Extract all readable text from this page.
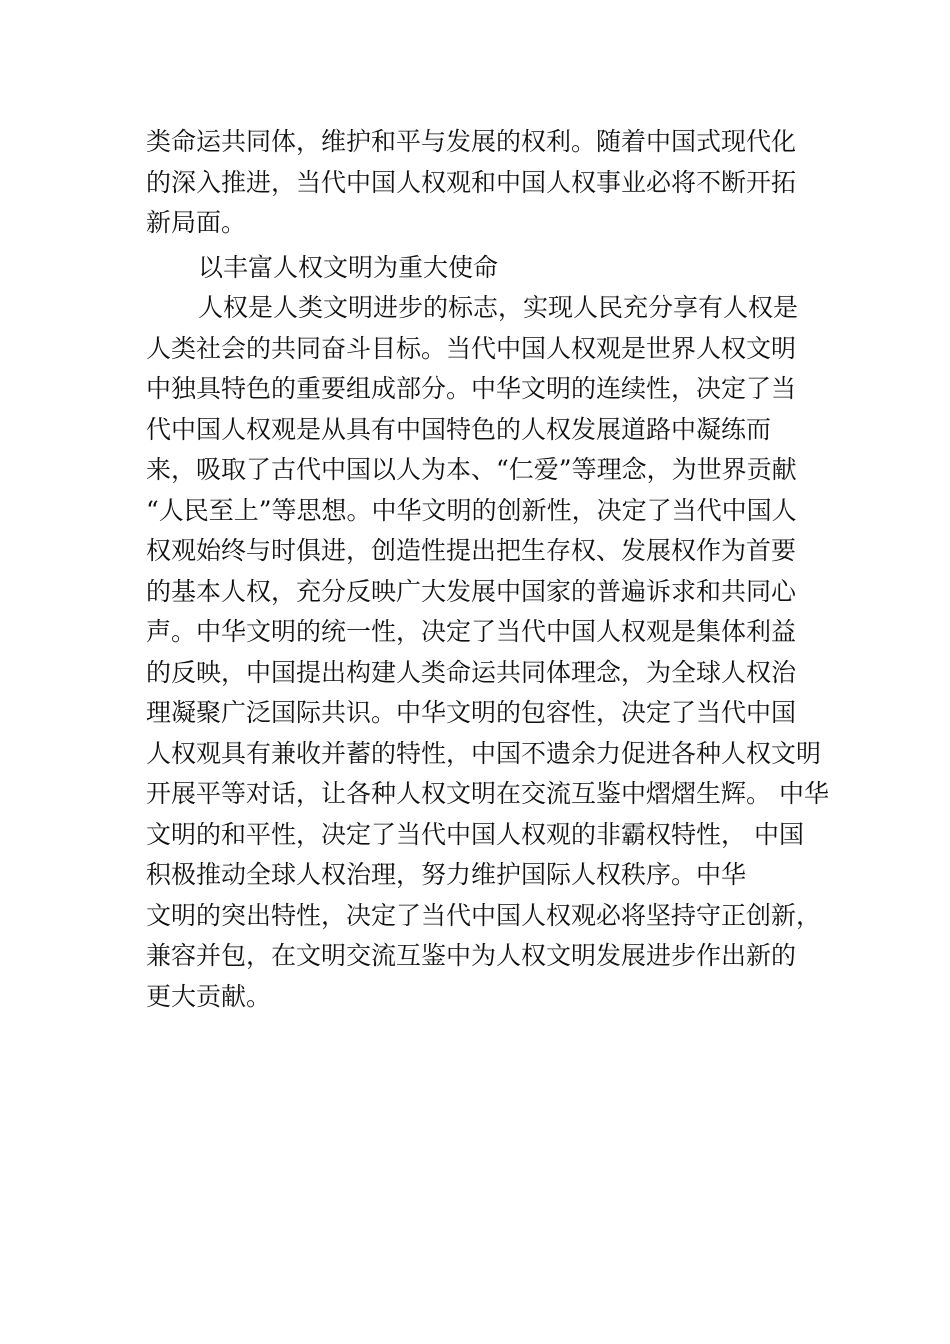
类命运共同体，维护和平与发展的权利。随着中国式现代化
的深入推进，当代中国人权观和中国人权事业必将不断开拓
新局面。
以丰富人权文明为重大使命
人权是人类文明进步的标志，实现人民充分享有人权是
人类社会的共同奋斗目标。当代中国人权观是世界人权文明
中独具特色的重要组成部分。中华文明的连续性，决定了当
代中国人权观是从具有中国特色的人权发展道路中凝练而
来，吸取了古代中国以人为本、“仁爱”等理念，为世界贡献
“人民至上”等思想。中华文明的创新性，决定了当代中国人
权观始终与时俱进，创造性提出把生存权、发展权作为首要
的基本人权，充分反映广大发展中国家的普遍诉求和共同心
声。中华文明的统一性，决定了当代中国人权观是集体利益
的反映，中国提出构建人类命运共同体理念，为全球人权治
理凝聚广泛国际共识。中华文明的包容性，决定了当代中国
人权观具有兼收并蓄的特性，中国不遗余力促进各种人权文明
开展平等对话，让各种人权文明在交流互鉴中熠熠生辉。 中华
文明的和平性，决定了当代中国人权观的非霸权特性， 中国
积极推动全球人权治理，努力维护国际人权秩序。中华
文明的突出特性，决定了当代中国人权观必将坚持守正创新，
兼容并包，在文明交流互鉴中为人权文明发展进步作出新的
更大贡献。
